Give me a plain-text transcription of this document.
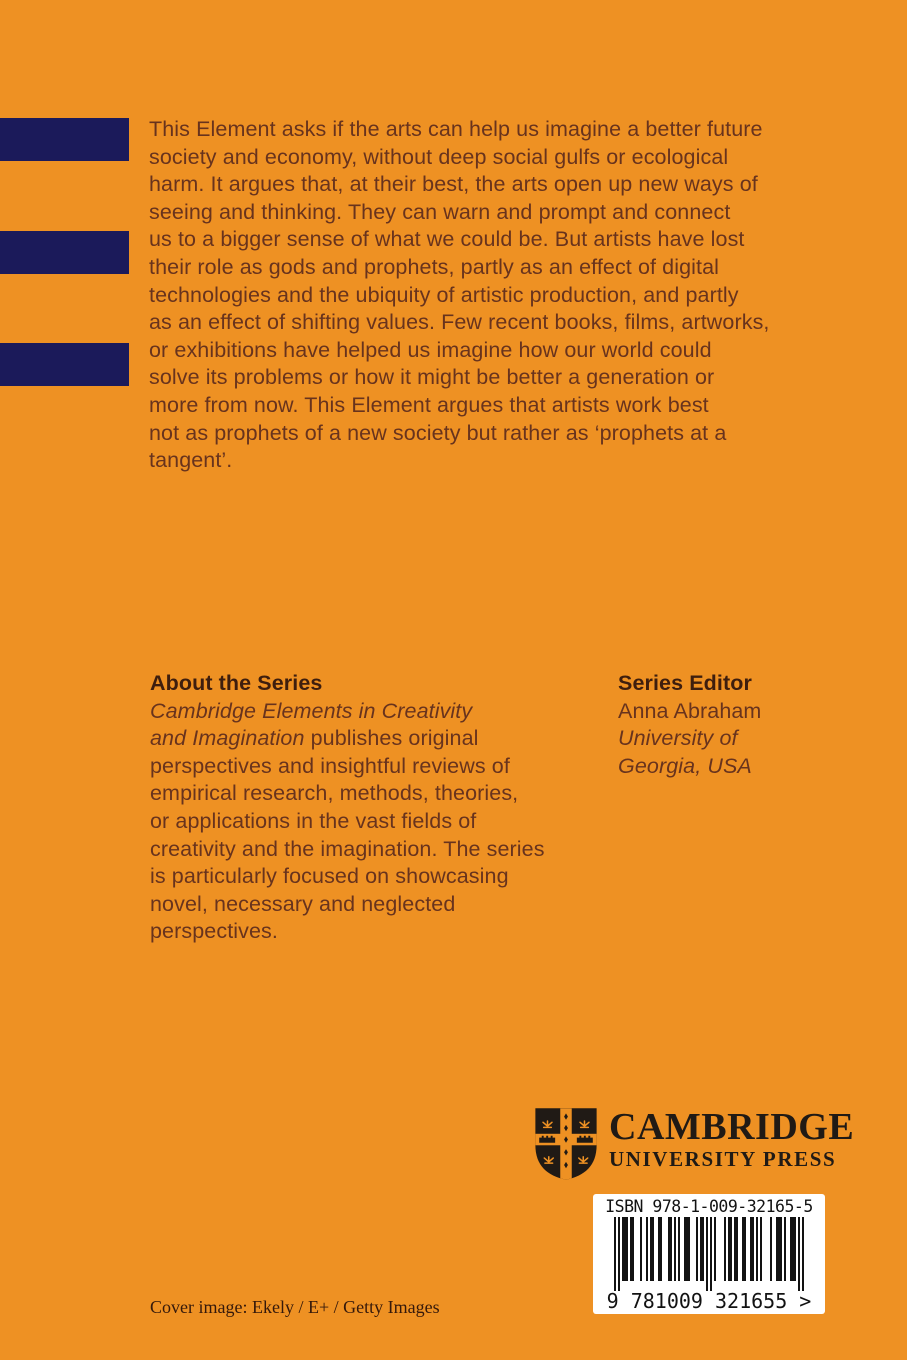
This Element asks if the arts can help us imagine a better future
society and economy, without deep social gulfs or ecological
harm. It argues that, at their best, the arts open up new ways of
seeing and thinking. They can warn and prompt and connect
us to a bigger sense of what we could be. But artists have lost
their role as gods and prophets, partly as an effect of digital
technologies and the ubiquity of artistic production, and partly
as an effect of shifting values. Few recent books, films, artworks,
or exhibitions have helped us imagine how our world could
solve its problems or how it might be better a generation or
more from now. This Element argues that artists work best
not as prophets of a new society but rather as ‘prophets at a
tangent’.
About the Series
Cambridge Elements in Creativity
and Imagination publishes original
perspectives and insightful reviews of
empirical research, methods, theories,
or applications in the vast fields of
creativity and the imagination. The series
is particularly focused on showcasing
novel, necessary and neglected
perspectives.
Series Editor
Anna Abraham
University of
Georgia, USA
CAMBRIDGE
UNIVERSITY PRESS
ISBN 978-1-009-32165-5
9 781009 321655 >
Cover image: Ekely / E+ / Getty Images
